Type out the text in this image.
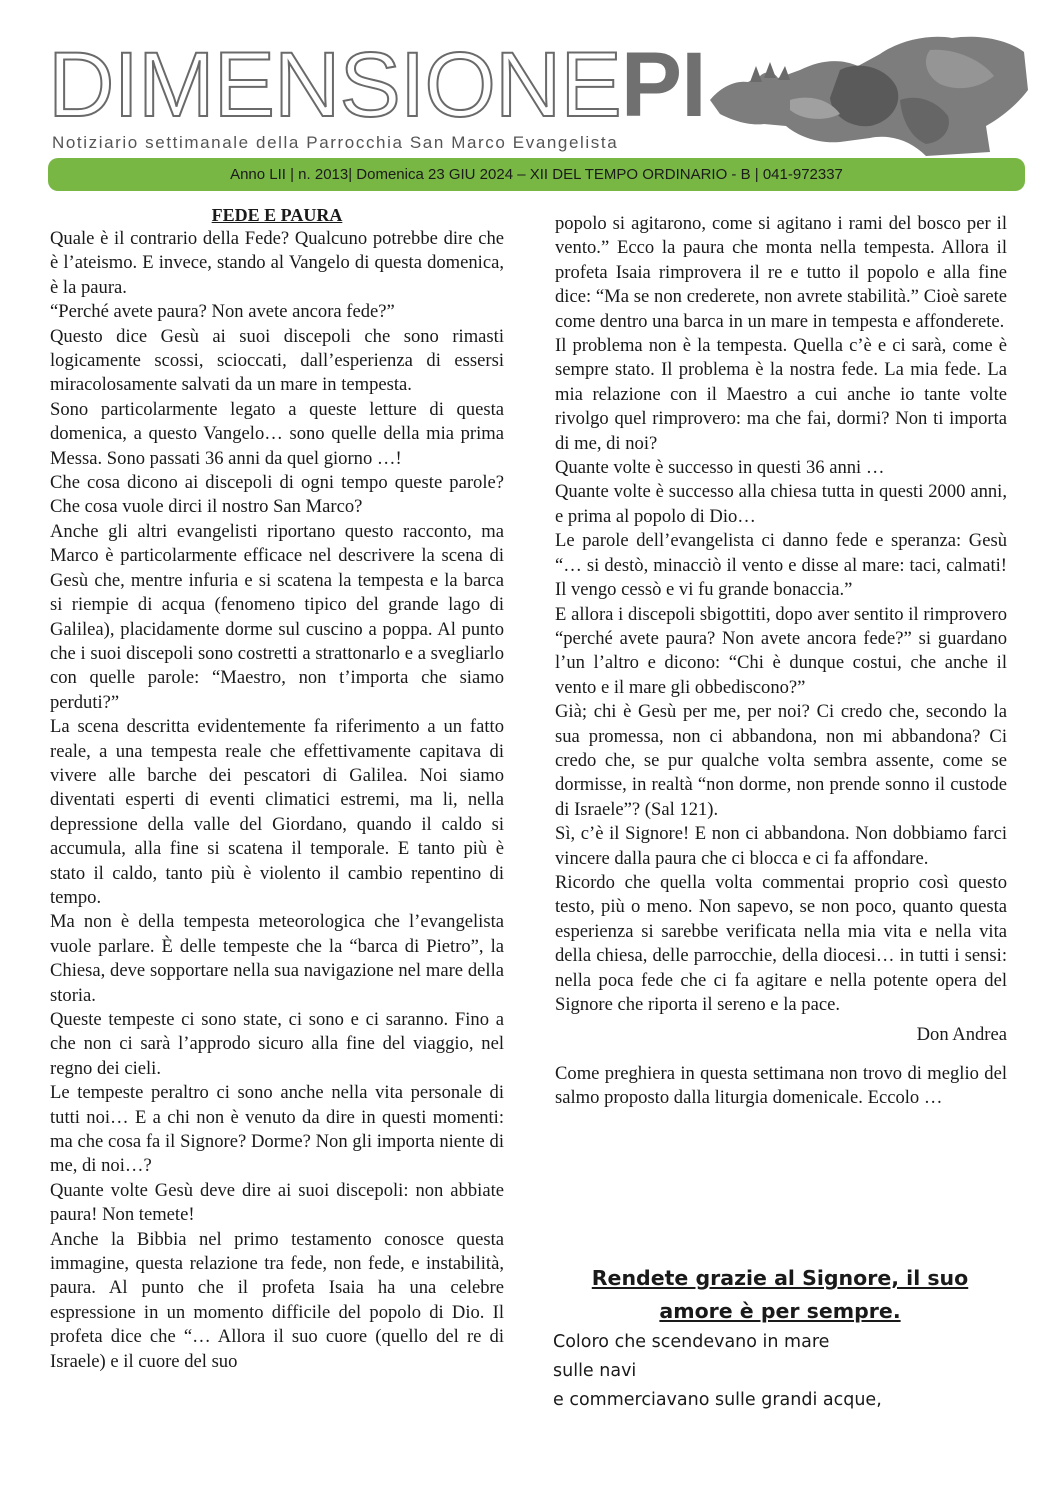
DIMENSIONEPI
Notiziario settimanale della Parrocchia San Marco Evangelista
Anno LII | n. 2013| Domenica 23 GIU 2024 – XII DEL TEMPO ORDINARIO - B | 041-972337
FEDE E PAURA

Quale è il contrario della Fede? Qualcuno potrebbe dire che è l’ateismo. E invece, stando al Vangelo di questa domenica, è la paura.

“Perché avete paura? Non avete ancora fede?”

Questo dice Gesù ai suoi discepoli che sono rimasti logicamente scossi, scioccati, dall’esperienza di essersi miracolosamente salvati da un mare in tempesta.

Sono particolarmente legato a queste letture di questa domenica, a questo Vangelo… sono quelle della mia prima Messa. Sono passati 36 anni da quel giorno …!

Che cosa dicono ai discepoli di ogni tempo queste parole? Che cosa vuole dirci il nostro San Marco?

Anche gli altri evangelisti riportano questo racconto, ma Marco è particolarmente efficace nel descrivere la scena di Gesù che, mentre infuria e si scatena la tempesta e la barca si riempie di acqua (fenomeno tipico del grande lago di Galilea), placidamente dorme sul cuscino a poppa. Al punto che i suoi discepoli sono costretti a strattonarlo e a svegliarlo con quelle parole: “Maestro, non t’importa che siamo perduti?”

La scena descritta evidentemente fa riferimento a un fatto reale, a una tempesta reale che effettivamente capitava di vivere alle barche dei pescatori di Galilea. Noi siamo diventati esperti di eventi climatici estremi, ma li, nella depressione della valle del Giordano, quando il caldo si accumula, alla fine si scatena il temporale. E tanto più è stato il caldo, tanto più è violento il cambio repentino di tempo.

Ma non è della tempesta meteorologica che l’evangelista vuole parlare. È delle tempeste che la “barca di Pietro”, la Chiesa, deve sopportare nella sua navigazione nel mare della storia.

Queste tempeste ci sono state, ci sono e ci saranno. Fino a che non ci sarà l’approdo sicuro alla fine del viaggio, nel regno dei cieli.

Le tempeste peraltro ci sono anche nella vita personale di tutti noi… E a chi non è venuto da dire in questi momenti: ma che cosa fa il Signore? Dorme? Non gli importa niente di me, di noi…?

Quante volte Gesù deve dire ai suoi discepoli: non abbiate paura! Non temete!

Anche la Bibbia nel primo testamento conosce questa immagine, questa relazione tra fede, non fede, e instabilità, paura. Al punto che il profeta Isaia ha una celebre espressione in un momento difficile del popolo di Dio. Il profeta dice che “… Allora il suo cuore (quello del re di Israele) e il cuore del suo

popolo si agitarono, come si agitano i rami del bosco per il vento.” Ecco la paura che monta nella tempesta. Allora il profeta Isaia rimprovera il re e tutto il popolo e alla fine dice: “Ma se non crederete, non avrete stabilità.” Cioè sarete come dentro una barca in un mare in tempesta e affonderete.

Il problema non è la tempesta. Quella c’è e ci sarà, come è sempre stato. Il problema è la nostra fede. La mia fede. La mia relazione con il Maestro a cui anche io tante volte rivolgo quel rimprovero: ma che fai, dormi? Non ti importa di me, di noi?

Quante volte è successo in questi 36 anni …

Quante volte è successo alla chiesa tutta in questi 2000 anni, e prima al popolo di Dio…

Le parole dell’evangelista ci danno fede e speranza: Gesù “… si destò, minacciò il vento e disse al mare: taci, calmati! Il vengo cessò e vi fu grande bonaccia.”

E allora i discepoli sbigottiti, dopo aver sentito il rimprovero “perché avete paura? Non avete ancora fede?” si guardano l’un l’altro e dicono: “Chi è dunque costui, che anche il vento e il mare gli obbediscono?”

Già; chi è Gesù per me, per noi? Ci credo che, secondo la sua promessa, non ci abbandona, non mi abbandona? Ci credo che, se pur qualche volta sembra assente, come se dormisse, in realtà “non dorme, non prende sonno il custode di Israele”? (Sal 121).

Sì, c’è il Signore! E non ci abbandona. Non dobbiamo farci vincere dalla paura che ci blocca e ci fa affondare.

Ricordo che quella volta commentai proprio così questo testo, più o meno. Non sapevo, se non poco, quanto questa esperienza si sarebbe verificata nella mia vita e nella vita della chiesa, delle parrocchie, della diocesi… in tutti i sensi: nella poca fede che ci fa agitare e nella potente opera del Signore che riporta il sereno e la pace.

Don Andrea

Come preghiera in questa settimana non trovo di meglio del salmo proposto dalla liturgia domenicale. Eccolo …

Rendete grazie al Signore, il suo
amore è per sempre.

Coloro che scendevano in mare

sulle navi

e commerciavano sulle grandi acque,
